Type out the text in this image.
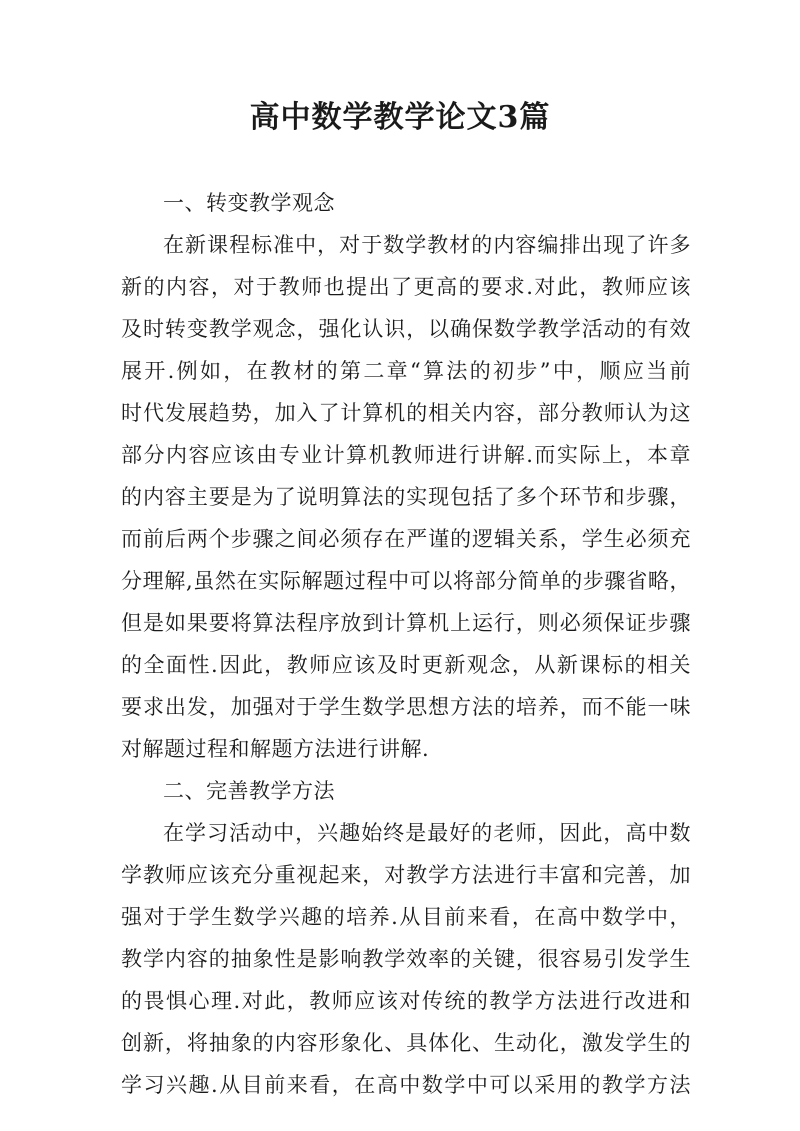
高中数学教学论文3篇
一、转变教学观念
在新课程标准中，对于数学教材的内容编排出现了许多
新的内容，对于教师也提出了更高的要求.对此，教师应该
及时转变教学观念，强化认识，以确保数学教学活动的有效
展开.例如，在教材的第二章“算法的初步”中，顺应当前
时代发展趋势，加入了计算机的相关内容，部分教师认为这
部分内容应该由专业计算机教师进行讲解.而实际上，本章
的内容主要是为了说明算法的实现包括了多个环节和步骤，
而前后两个步骤之间必须存在严谨的逻辑关系，学生必须充
分理解,虽然在实际解题过程中可以将部分简单的步骤省略，
但是如果要将算法程序放到计算机上运行，则必须保证步骤
的全面性.因此，教师应该及时更新观念，从新课标的相关
要求出发，加强对于学生数学思想方法的培养，而不能一味
对解题过程和解题方法进行讲解.
二、完善教学方法
在学习活动中，兴趣始终是最好的老师，因此，高中数
学教师应该充分重视起来，对教学方法进行丰富和完善，加
强对于学生数学兴趣的培养.从目前来看，在高中数学中，
教学内容的抽象性是影响教学效率的关键，很容易引发学生
的畏惧心理.对此，教师应该对传统的教学方法进行改进和
创新，将抽象的内容形象化、具体化、生动化，激发学生的
学习兴趣.从目前来看，在高中数学中可以采用的教学方法
